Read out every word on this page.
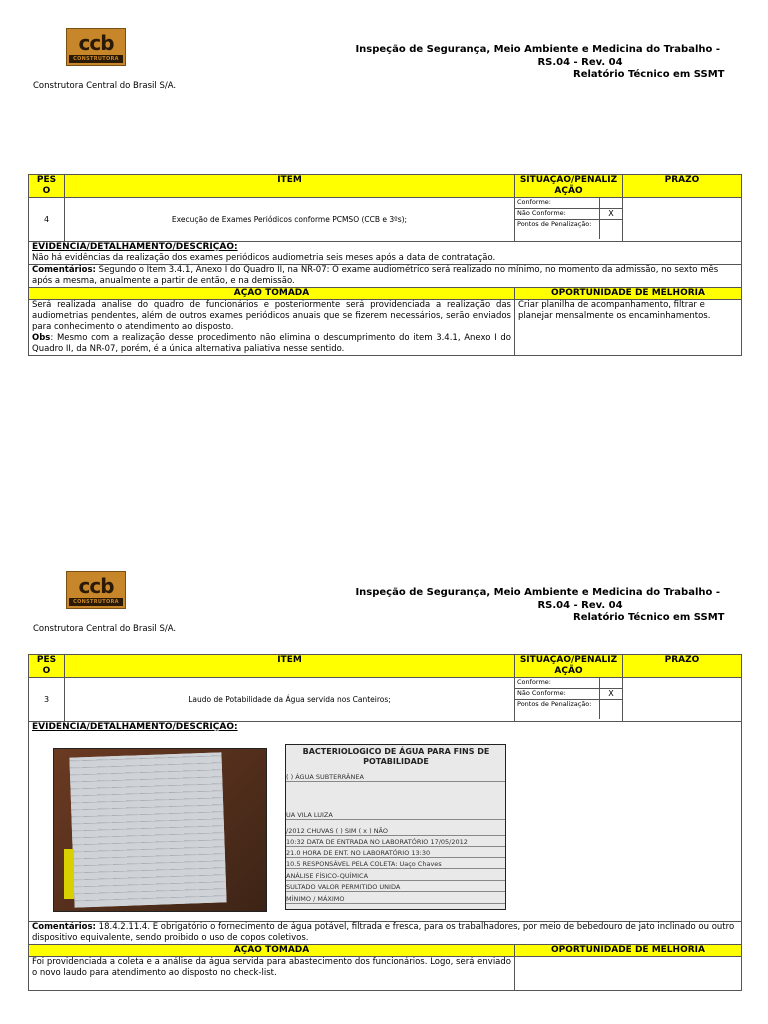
ccb
CONSTRUTORA
Inspeção de Segurança, Meio Ambiente e Medicina do Trabalho -
RS.04 - Rev. 04
Relatório Técnico em SSMT
Construtora Central do Brasil S/A.
PES O	ITEM	SITUAÇÃO/PENALIZ AÇÃO	PRAZO
4	Execução de Exames Periódicos conforme PCMSO (CCB e 3ºs);	
Conforme:	
Não Conforme:	X
Pontos de Penalização:	

EVIDÊNCIA/DETALHAMENTO/DESCRIÇÃO:
Não há evidências da realização dos exames periódicos audiometria seis meses após a data de contratação.

Comentários: Segundo o Item 3.4.1, Anexo I do Quadro II, na NR-07: O exame audiométrico será realizado no mínimo, no momento da admissão, no sexto mês após a mesma, anualmente a partir de então, e na demissão.
AÇÃO TOMADA	OPORTUNIDADE DE MELHORIA
Será realizada analise do quadro de funcionários e posteriormente será providenciada a realização das audiometrias pendentes, além de outros exames periódicos anuais que se fizerem necessários, serão enviados para conhecimento o atendimento ao disposto.
Obs: Mesmo com a realização desse procedimento não elimina o descumprimento do item 3.4.1, Anexo I do Quadro II, da NR-07, porém, é a única alternativa paliativa nesse sentido.	Criar planilha de acompanhamento, filtrar e planejar mensalmente os encaminhamentos.
ccb
CONSTRUTORA
Inspeção de Segurança, Meio Ambiente e Medicina do Trabalho -
RS.04 - Rev. 04
Relatório Técnico em SSMT
Construtora Central do Brasil S/A.
PES O	ITEM	SITUAÇÃO/PENALIZ AÇÃO	PRAZO
3	Laudo de Potabilidade da Água servida nos Canteiros;	
Conforme:	
Não Conforme:	X
Pontos de Penalização:	

EVIDÊNCIA/DETALHAMENTO/DESCRIÇÃO:
BACTERIOLOGICO DE ÁGUA PARA FINS DE
POTABILIDADE
( ) ÁGUA SUBTERRÂNEA
UA VILA LUIZA
/2012 CHUVAS ( ) SIM ( x ) NÃO
10:32 DATA DE ENTRADA NO LABORATÓRIO 17/05/2012
21.0 HORA DE ENT. NO LABORATÓRIO 13:30
10.5 RESPONSÁVEL PELA COLETA: Uaço Chaves
ANÁLISE FÍSICO-QUÍMICA
SULTADO VALOR PERMITIDO UNIDA
MÍNIMO / MÁXIMO

Comentários: 18.4.2.11.4. É obrigatório o fornecimento de água potável, filtrada e fresca, para os trabalhadores, por meio de bebedouro de jato inclinado ou outro dispositivo equivalente, sendo proibido o uso de copos coletivos.
AÇÃO TOMADA	OPORTUNIDADE DE MELHORIA
Foi providenciada a coleta e a análise da água servida para abastecimento dos funcionários. Logo, será enviado o novo laudo para atendimento ao disposto no check-list.	
